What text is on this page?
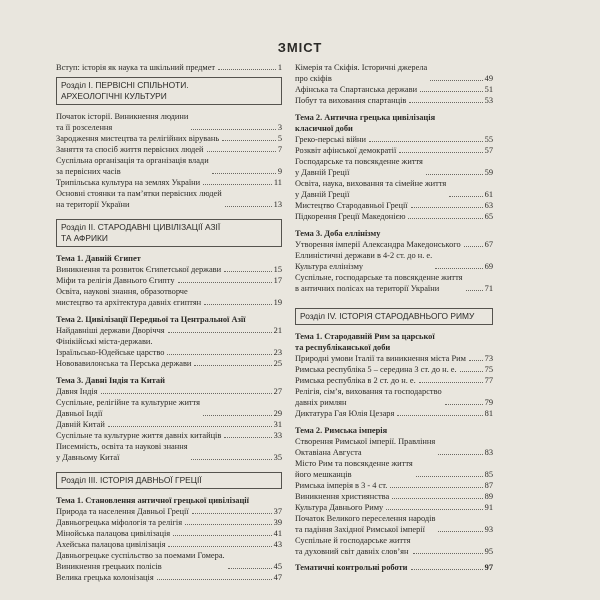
ЗМІСТ
Вступ: історія як наука та шкільний предмет	1
Розділ І. ПЕРВІСНІ СПІЛЬНОТИ.
АРХЕОЛОГІЧНІ КУЛЬТУРИ
Початок історії. Виникнення людини
та її розселення	3
Зародження мистецтва та релігійних вірувань	5
Заняття та спосіб життя первісних людей	7
Суспільна організація та організація влади
за первісних часів	9
Трипільська культура на землях України	11
Основні стоянки та пам’ятки первісних людей
на території України	13
Розділ ІІ. СТАРОДАВНІ ЦИВІЛІЗАЦІЇ АЗІЇ
ТА АФРИКИ
Тема 1. Давній Єгипет
Виникнення та розвиток Єгипетської держави	15
Міфи та релігія Давнього Єгипту	17
Освіта, наукові знання, образотворче
мистецтво та архітектура давніх єгиптян	19
Тема 2. Цивілізації Передньої та Центральної Азії
Найдавніші держави Дворіччя	21
Фінікійські міста-держави.
Ізраїльсько-Юдейське царство	23
Нововавилонська та Перська держави	25
Тема 3. Давні Індія та Китай
Давня Індія	27
Суспільне, релігійне та культурне життя
Давньої Індії	29
Давній Китай	31
Суспільне та культурне життя давніх китайців	33
Писемність, освіта та наукові знання
у Давньому Китаї	35
Розділ ІІІ. ІСТОРІЯ ДАВНЬОЇ ГРЕЦІЇ
Тема 1. Становлення античної грецької цивілізації
Природа та населення Давньої Греції	37
Давньогрецька міфологія та релігія	39
Мінойська палацова цивілізація	41
Ахейська палацова цивілізація	43
Давньогрецьке суспільство за поемами Гомера.
Виникнення грецьких полісів	45
Велика грецька колонізація	47
Кімерія та Скіфія. Історичні джерела
про скіфів	49
Афінська та Спартанська держави	51
Побут та виховання спартанців	53
Тема 2. Антична грецька цивілізація
класичної доби
Греко-перські війни	55
Розквіт афінської демократії	57
Господарське та повсякденне життя
у Давній Греції	59
Освіта, наука, виховання та сімейне життя
у Давній Греції	61
Мистецтво Стародавньої Греції	63
Підкорення Греції Македонією	65
Тема 3. Доба еллінізму
Утворення імперії Александра Македонського	67
Еллиністичні держави в 4-2 ст. до н. е.
Культура еллінізму	69
Суспільне, господарське та повсякденне життя
в античних полісах на території України	71
Розділ IV. ІСТОРІЯ СТАРОДАВНЬОГО РИМУ
Тема 1. Стародавній Рим за царської
та республіканської доби
Природні умови Італії та виникнення міста Рим 73
Римська республіка 5 – середина 3 ст. до н. е.	75
Римська республіка в 2 ст. до н. е.	77
Релігія, сім’я, виховання та господарство
давніх римлян	79
Диктатура Гая Юлія Цезаря	81
Тема 2. Римська імперія
Створення Римської імперії. Правління
Октавіана Августа	83
Місто Рим та повсякденне життя
його мешканців	85
Римська імперія в 3 - 4 ст.	87
Виникнення християнства	89
Культура Давнього Риму	91
Початок Великого переселення народів
та падіння Західної Римської імперії	93
Суспільне й господарське життя
та духовний світ давніх слов’ян	95
Тематичні контрольні роботи	97
